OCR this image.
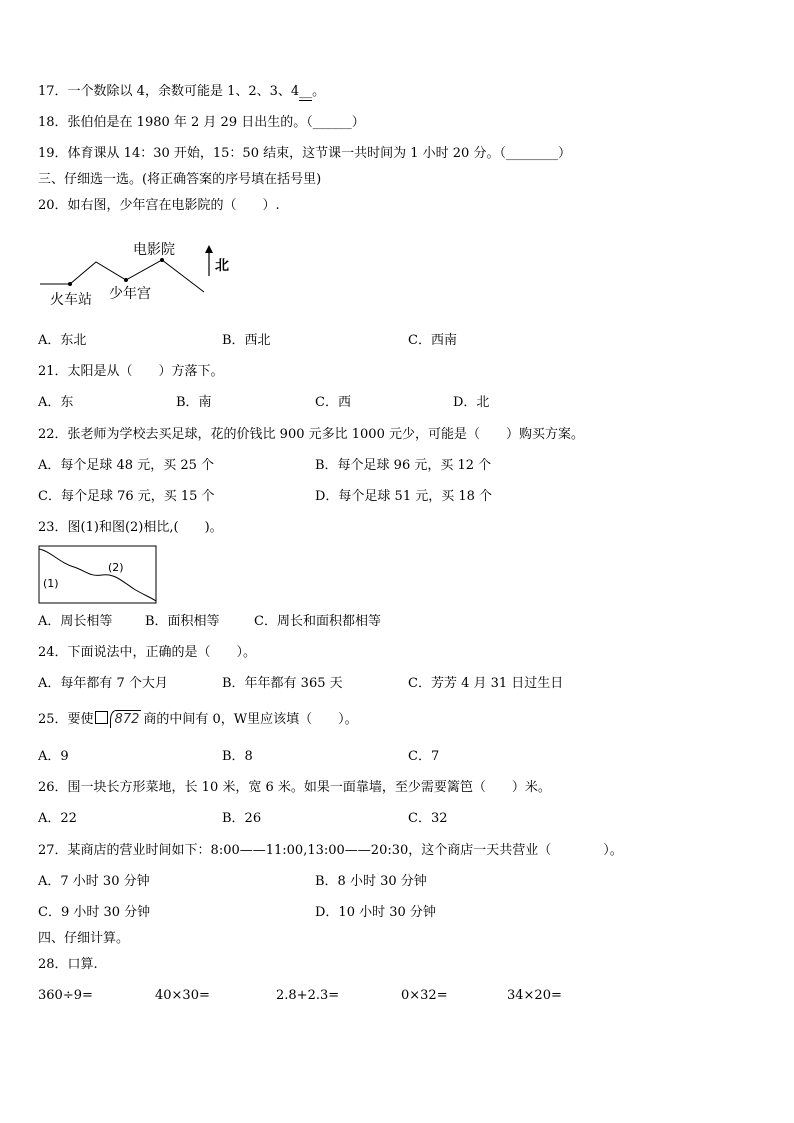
17．一个数除以 4，余数可能是 1、2、3、4__。
18．张伯伯是在 1980 年 2 月 29 日出生的。（______）
19．体育课从 14：30 开始，15：50 结束，这节课一共时间为 1 小时 20 分。（________）
三、仔细选一选。(将正确答案的序号填在括号里)
20．如右图，少年宫在电影院的（　　）.
电影院
火车站 少年宫
北
A．东北	B．西北	C．西南
21．太阳是从（　　）方落下。
A．东	B．南	C．西	D．北
22．张老师为学校去买足球，花的价钱比 900 元多比 1000 元少，可能是（　　）购买方案。
A．每个足球 48 元，买 25 个	B．每个足球 96 元，买 12 个
C．每个足球 76 元，买 15 个	D．每个足球 51 元，买 18 个
23．图(1)和图(2)相比,(　　)。
(1)
(2)
A．周长相等	B．面积相等	C．周长和面积都相等
24．下面说法中，正确的是（　　）。
A．每年都有 7 个大月	B．年年都有 365 天	C．芳芳 4 月 31 日过生日
25．要使 872 商的中间有 0，W里应该填（　　）。
A．9	B．8	C．7
26．围一块长方形菜地，长 10 米，宽 6 米。如果一面靠墙，至少需要篱笆（　　）米。
A．22	B．26	C．32
27．某商店的营业时间如下：8:00——11:00,13:00——20:30，这个商店一天共营业（　　　　）。
A．7 小时 30 分钟	B．8 小时 30 分钟
C．9 小时 30 分钟	D．10 小时 30 分钟
四、仔细计算。
28．口算.
360÷9=	40×30=	2.8+2.3=	0×32=	34×20=
